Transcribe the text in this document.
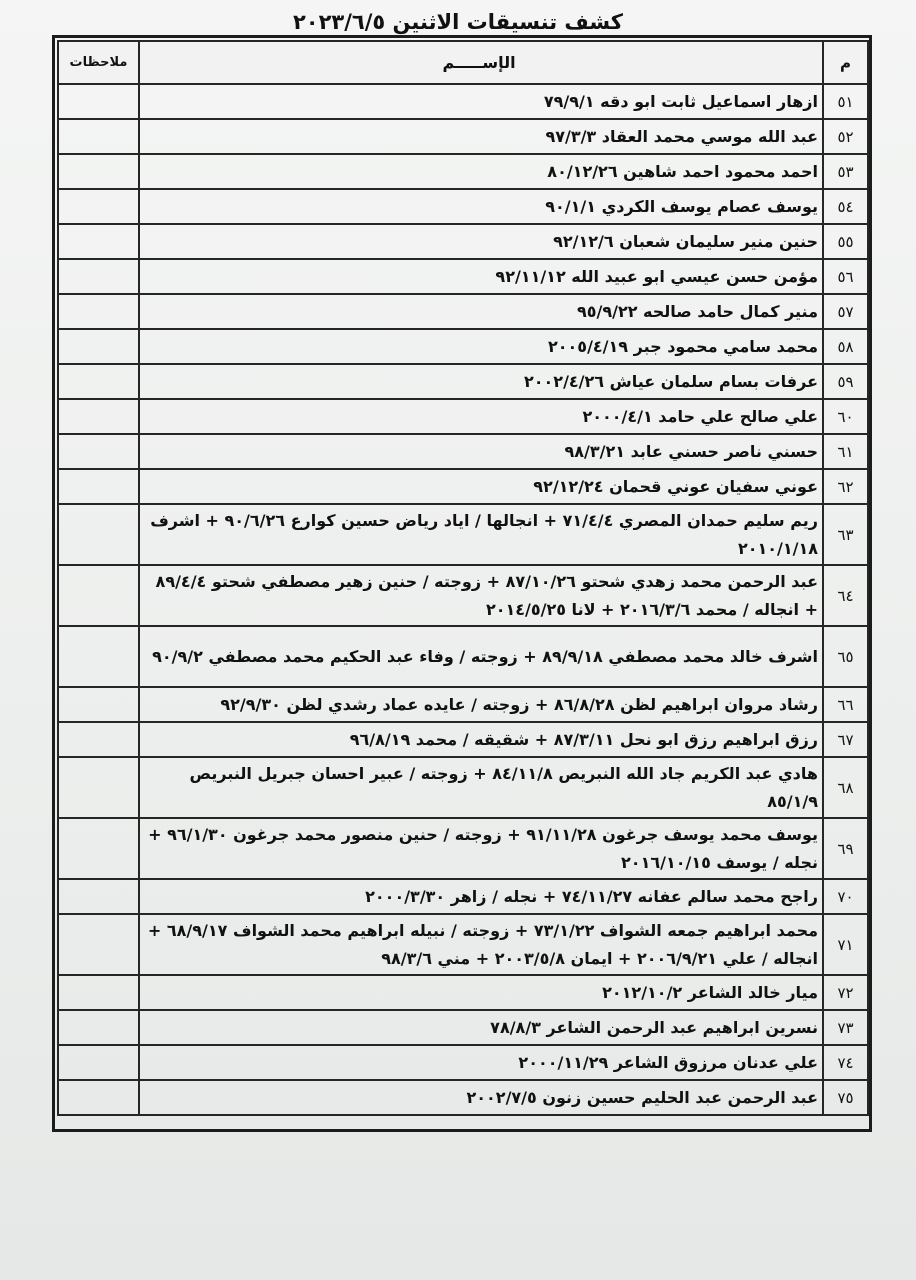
كشف تنسيقات الاثنين ٢٠٢٣/٦/٥
م	الإســـــم	ملاحظات
٥١	ازهار اسماعيل ثابت ابو دقه ٧٩/٩/١	
٥٢	عبد الله موسي محمد العقاد ٩٧/٣/٣	
٥٣	احمد محمود احمد شاهين ٨٠/١٢/٢٦	
٥٤	يوسف عصام يوسف الكردي ٩٠/١/١	
٥٥	حنين منير سليمان شعبان ٩٢/١٢/٦	
٥٦	مؤمن حسن عيسي ابو عبيد الله ٩٢/١١/١٢	
٥٧	منير كمال حامد صالحه ٩٥/٩/٢٢	
٥٨	محمد سامي محمود جبر ٢٠٠٥/٤/١٩	
٥٩	عرفات بسام سلمان عياش ٢٠٠٢/٤/٢٦	
٦٠	علي صالح علي حامد ٢٠٠٠/٤/١	
٦١	حسني ناصر حسني عابد ٩٨/٣/٢١	
٦٢	عوني سفيان عوني قحمان ٩٢/١٢/٢٤	
٦٣	ريم سليم حمدان المصري ٧١/٤/٤ + انجالها / اياد رياض حسين كوارع ٩٠/٦/٢٦ + اشرف ٢٠١٠/١/١٨	
٦٤	عبد الرحمن محمد زهدي شحتو ٨٧/١٠/٢٦ + زوجته / حنين زهير مصطفي شحتو ٨٩/٤/٤ + انجاله / محمد ٢٠١٦/٣/٦ + لانا ٢٠١٤/٥/٢٥	
٦٥	اشرف خالد محمد مصطفي ٨٩/٩/١٨ + زوجته / وفاء عبد الحكيم محمد مصطفي ٩٠/٩/٢	
٦٦	رشاد مروان ابراهيم لظن ٨٦/٨/٢٨ + زوجته / عايده عماد رشدي لظن ٩٢/٩/٣٠	
٦٧	رزق ابراهيم رزق ابو نحل ٨٧/٣/١١ + شقيقه / محمد ٩٦/٨/١٩	
٦٨	هادي عبد الكريم جاد الله النبريص ٨٤/١١/٨ + زوجته / عبير احسان جبريل النبريص ٨٥/١/٩	
٦٩	يوسف محمد يوسف جرغون ٩١/١١/٢٨ + زوجته / حنين منصور محمد جرغون ٩٦/١/٣٠ + نجله / يوسف ٢٠١٦/١٠/١٥	
٧٠	راجح محمد سالم عفانه ٧٤/١١/٢٧ + نجله / زاهر ٢٠٠٠/٣/٣٠	
٧١	محمد ابراهيم جمعه الشواف ٧٣/١/٢٢ + زوجته / نبيله ابراهيم محمد الشواف ٦٨/٩/١٧ + انجاله / علي ٢٠٠٦/٩/٢١ + ايمان ٢٠٠٣/٥/٨ + مني ٩٨/٣/٦	
٧٢	ميار خالد الشاعر ٢٠١٢/١٠/٢	
٧٣	نسرين ابراهيم عبد الرحمن الشاعر ٧٨/٨/٣	
٧٤	علي عدنان مرزوق الشاعر ٢٠٠٠/١١/٢٩	
٧٥	عبد الرحمن عبد الحليم حسين زنون ٢٠٠٢/٧/٥	
